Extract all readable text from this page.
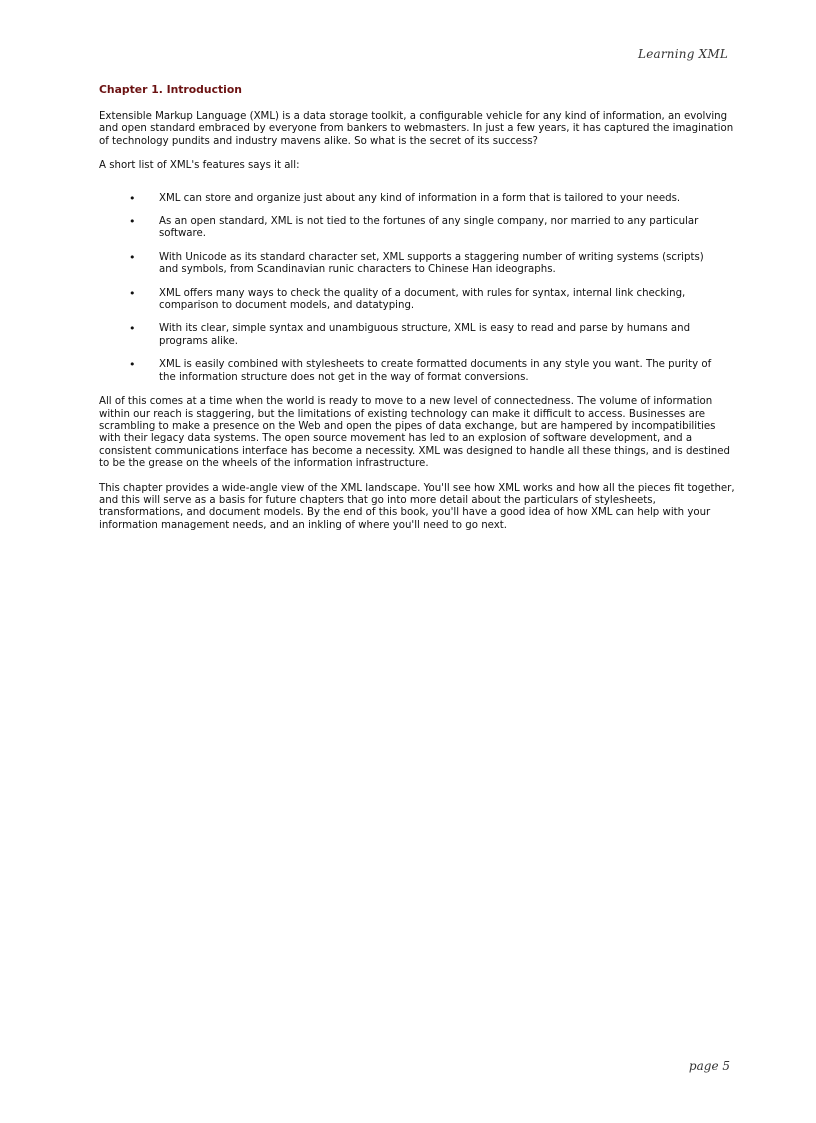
Learning XML
Chapter 1. Introduction

Extensible Markup Language (XML) is a data storage toolkit, a configurable vehicle for any kind of information, an evolving and open standard embraced by everyone from bankers to webmasters. In just a few years, it has captured the imagination of technology pundits and industry mavens alike. So what is the secret of its success?

A short list of XML's features says it all:

• XML can store and organize just about any kind of information in a form that is tailored to your needs.
• As an open standard, XML is not tied to the fortunes of any single company, nor married to any particular software.
• With Unicode as its standard character set, XML supports a staggering number of writing systems (scripts) and symbols, from Scandinavian runic characters to Chinese Han ideographs.
• XML offers many ways to check the quality of a document, with rules for syntax, internal link checking, comparison to document models, and datatyping.
• With its clear, simple syntax and unambiguous structure, XML is easy to read and parse by humans and programs alike.
• XML is easily combined with stylesheets to create formatted documents in any style you want. The purity of the information structure does not get in the way of format conversions.

All of this comes at a time when the world is ready to move to a new level of connectedness. The volume of information within our reach is staggering, but the limitations of existing technology can make it difficult to access. Businesses are scrambling to make a presence on the Web and open the pipes of data exchange, but are hampered by incompatibilities with their legacy data systems. The open source movement has led to an explosion of software development, and a consistent communications interface has become a necessity. XML was designed to handle all these things, and is destined to be the grease on the wheels of the information infrastructure.

This chapter provides a wide-angle view of the XML landscape. You'll see how XML works and how all the pieces fit together, and this will serve as a basis for future chapters that go into more detail about the particulars of stylesheets, transformations, and document models. By the end of this book, you'll have a good idea of how XML can help with your information management needs, and an inkling of where you'll need to go next.

page 5
